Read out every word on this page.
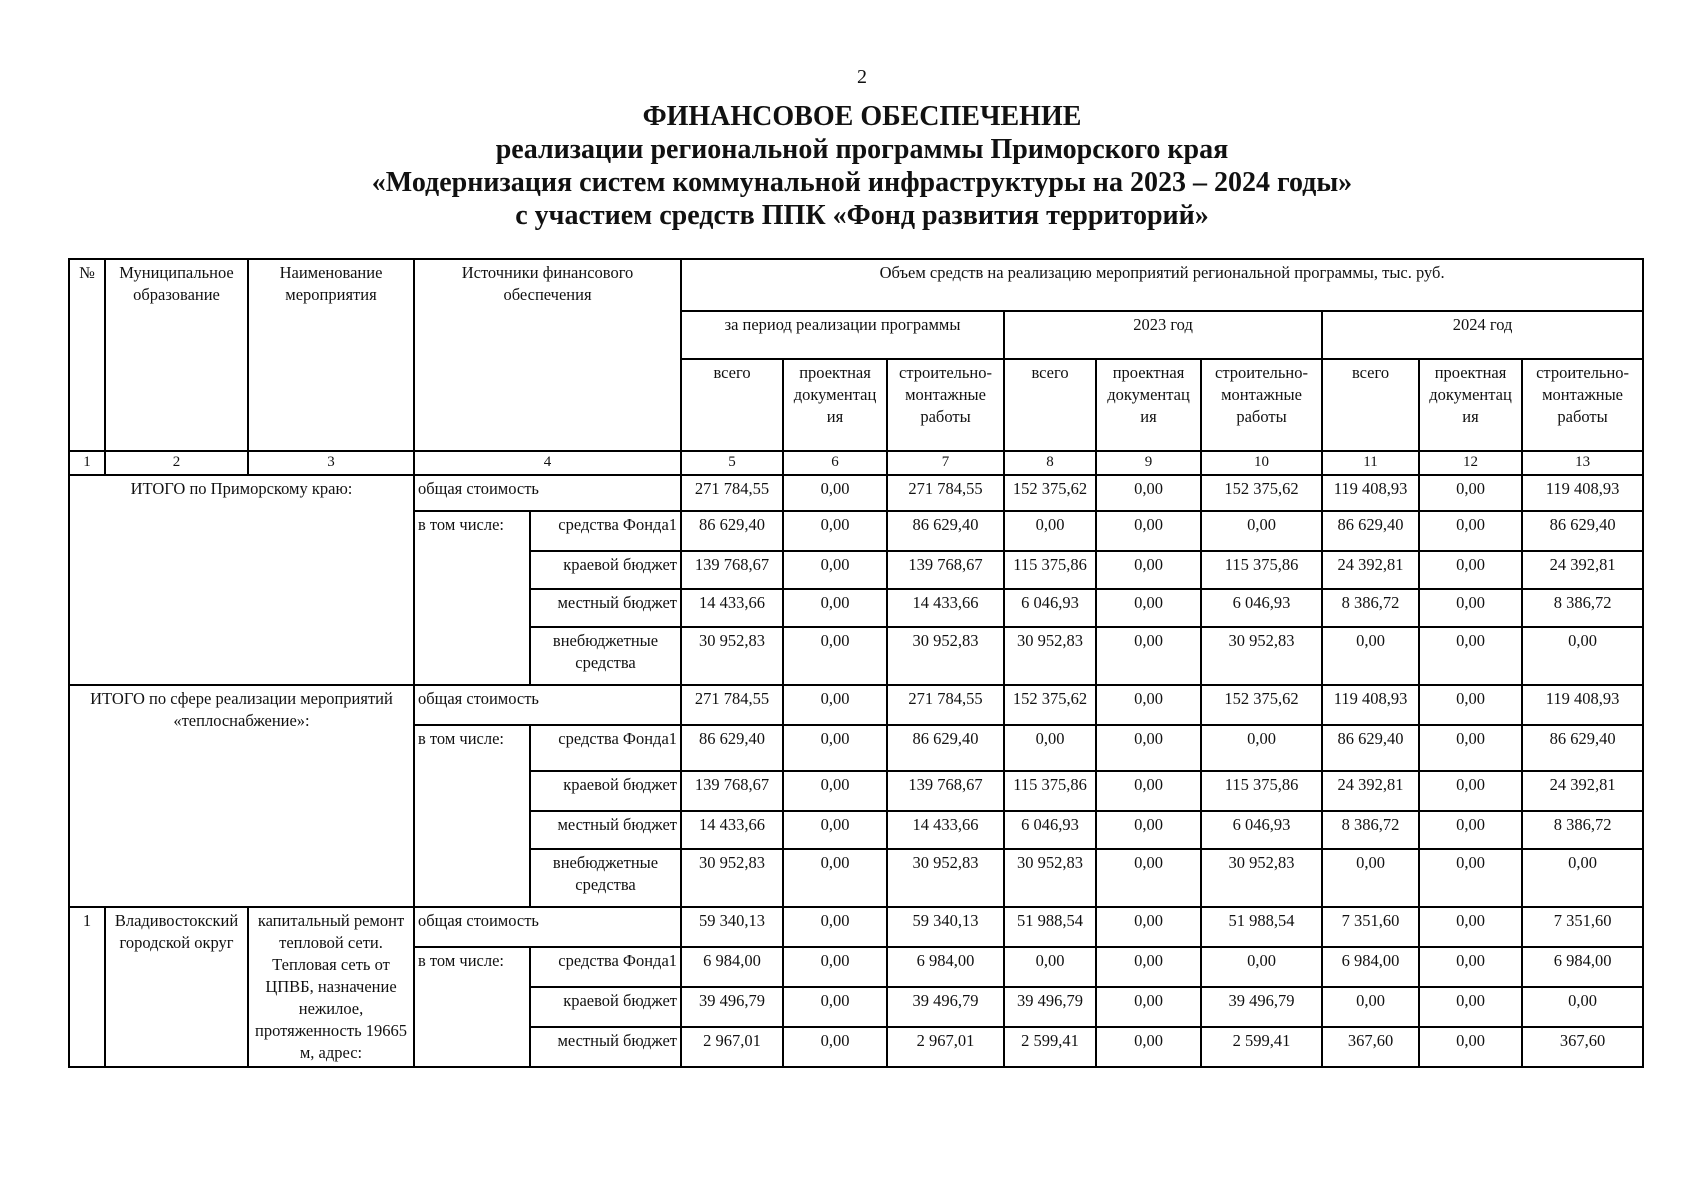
2
ФИНАНСОВОЕ ОБЕСПЕЧЕНИЕ
реализации региональной программы Приморского края
«Модернизация систем коммунальной инфраструктуры на 2023 – 2024 годы»
с участием средств ППК «Фонд развития территорий»
№	Муниципальное образование	Наименование мероприятия	Источники финансового обеспечения		Объем средств на реализацию мероприятий региональной программы, тыс. руб.								
					за период реализации программы			2023 год			2024 год		
					всего	проектная документац ия	строительно-монтажные работы	всего	проектная документац ия	строительно-монтажные работы	всего	проектная документац ия	строительно-монтажные работы
1	2	3	4		5	6	7	8	9	10	11	12	13
ИТОГО по Приморскому краю:			общая стоимость		271 784,55	0,00	271 784,55	152 375,62	0,00	152 375,62	119 408,93	0,00	119 408,93
			в том числе:	средства Фонда1	86 629,40	0,00	86 629,40	0,00	0,00	0,00	86 629,40	0,00	86 629,40
				краевой бюджет	139 768,67	0,00	139 768,67	115 375,86	0,00	115 375,86	24 392,81	0,00	24 392,81
				местный бюджет	14 433,66	0,00	14 433,66	6 046,93	0,00	6 046,93	8 386,72	0,00	8 386,72
				внебюджетные средства	30 952,83	0,00	30 952,83	30 952,83	0,00	30 952,83	0,00	0,00	0,00
ИТОГО по сфере реализации мероприятий «теплоснабжение»:			общая стоимость		271 784,55	0,00	271 784,55	152 375,62	0,00	152 375,62	119 408,93	0,00	119 408,93
			в том числе:	средства Фонда1	86 629,40	0,00	86 629,40	0,00	0,00	0,00	86 629,40	0,00	86 629,40
				краевой бюджет	139 768,67	0,00	139 768,67	115 375,86	0,00	115 375,86	24 392,81	0,00	24 392,81
				местный бюджет	14 433,66	0,00	14 433,66	6 046,93	0,00	6 046,93	8 386,72	0,00	8 386,72
				внебюджетные средства	30 952,83	0,00	30 952,83	30 952,83	0,00	30 952,83	0,00	0,00	0,00
1	Владивостокский городской округ	капитальный ремонт тепловой сети. Тепловая сеть от ЦПВБ, назначение нежилое, протяженность 19665 м, адрес:	общая стоимость		59 340,13	0,00	59 340,13	51 988,54	0,00	51 988,54	7 351,60	0,00	7 351,60
			в том числе:	средства Фонда1	6 984,00	0,00	6 984,00	0,00	0,00	0,00	6 984,00	0,00	6 984,00
				краевой бюджет	39 496,79	0,00	39 496,79	39 496,79	0,00	39 496,79	0,00	0,00	0,00
				местный бюджет	2 967,01	0,00	2 967,01	2 599,41	0,00	2 599,41	367,60	0,00	367,60
